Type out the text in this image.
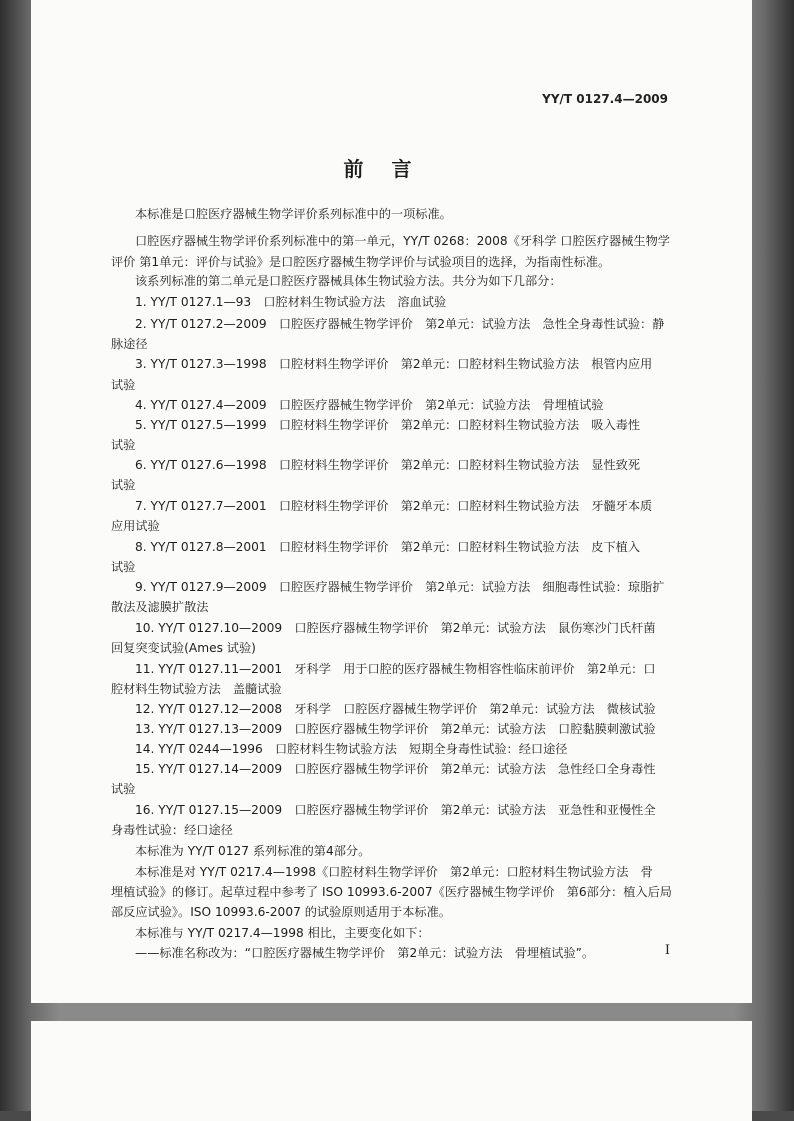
YY/T 0127.4—2009
前言
本标准是口腔医疗器械生物学评价系列标准中的一项标准。
口腔医疗器械生物学评价系列标准中的第一单元，YY/T 0268：2008《牙科学 口腔医疗器械生物学
评价 第1单元：评价与试验》是口腔医疗器械生物学评价与试验项目的选择，为指南性标准。
该系列标准的第二单元是口腔医疗器械具体生物试验方法。共分为如下几部分：
1. YY/T 0127.1—93　口腔材料生物试验方法　溶血试验
2. YY/T 0127.2—2009　口腔医疗器械生物学评价　第2单元：试验方法　急性全身毒性试验：静
脉途径
3. YY/T 0127.3—1998　口腔材料生物学评价　第2单元：口腔材料生物试验方法　根管内应用
试验
4. YY/T 0127.4—2009　口腔医疗器械生物学评价　第2单元：试验方法　骨埋植试验
5. YY/T 0127.5—1999　口腔材料生物学评价　第2单元：口腔材料生物试验方法　吸入毒性
试验
6. YY/T 0127.6—1998　口腔材料生物学评价　第2单元：口腔材料生物试验方法　显性致死
试验
7. YY/T 0127.7—2001　口腔材料生物学评价　第2单元：口腔材料生物试验方法　牙髓牙本质
应用试验
8. YY/T 0127.8—2001　口腔材料生物学评价　第2单元：口腔材料生物试验方法　皮下植入
试验
9. YY/T 0127.9—2009　口腔医疗器械生物学评价　第2单元：试验方法　细胞毒性试验：琼脂扩
散法及滤膜扩散法
10. YY/T 0127.10—2009　口腔医疗器械生物学评价　第2单元：试验方法　鼠伤寒沙门氏杆菌
回复突变试验(Ames 试验)
11. YY/T 0127.11—2001　牙科学　用于口腔的医疗器械生物相容性临床前评价　第2单元：口
腔材料生物试验方法　盖髓试验
12. YY/T 0127.12—2008　牙科学　口腔医疗器械生物学评价　第2单元：试验方法　微核试验
13. YY/T 0127.13—2009　口腔医疗器械生物学评价　第2单元：试验方法　口腔黏膜刺激试验
14. YY/T 0244—1996　口腔材料生物试验方法　短期全身毒性试验：经口途径
15. YY/T 0127.14—2009　口腔医疗器械生物学评价　第2单元：试验方法　急性经口全身毒性
试验
16. YY/T 0127.15—2009　口腔医疗器械生物学评价　第2单元：试验方法　亚急性和亚慢性全
身毒性试验：经口途径
本标准为 YY/T 0127 系列标准的第4部分。
本标准是对 YY/T 0217.4—1998《口腔材料生物学评价　第2单元：口腔材料生物试验方法　骨
埋植试验》的修订。起草过程中参考了 ISO 10993.6-2007《医疗器械生物学评价　第6部分：植入后局
部反应试验》。ISO 10993.6-2007 的试验原则适用于本标准。
本标准与 YY/T 0217.4—1998 相比，主要变化如下：
——标准名称改为：“口腔医疗器械生物学评价　第2单元：试验方法　骨埋植试验”。	I
